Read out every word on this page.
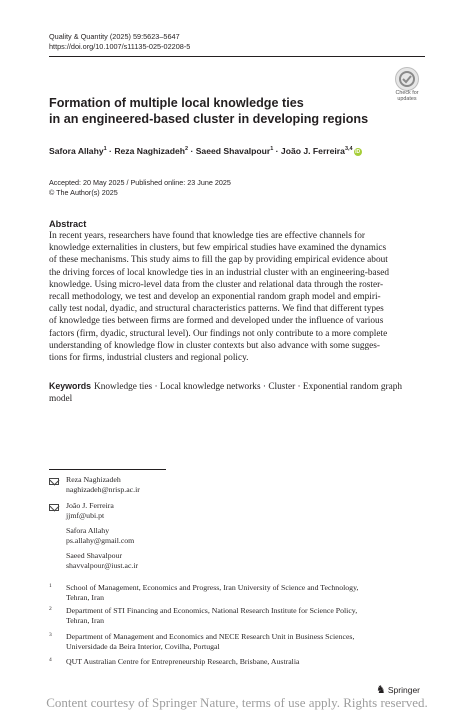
Quality & Quantity (2025) 59:5623–5647
https://doi.org/10.1007/s11135-025-02208-5
Check for
updates
Formation of multiple local knowledge ties
in an engineered-based cluster in developing regions
Safora Allahy$^1$ · Reza Naghizadeh$^2$ · Saeed Shavalpour$^1$ · João J. Ferreira$^{3,4}$ iD
Accepted: 20 May 2025 / Published online: 23 June 2025
© The Author(s) 2025
Abstract
In recent years, researchers have found that knowledge ties are effective channels for
knowledge externalities in clusters, but few empirical studies have examined the dynamics
of these mechanisms. This study aims to fill the gap by providing empirical evidence about
the driving forces of local knowledge ties in an industrial cluster with an engineering-based
knowledge. Using micro-level data from the cluster and relational data through the roster-
recall methodology, we test and develop an exponential random graph model and empiri-
cally test nodal, dyadic, and structural characteristics patterns. We find that different types
of knowledge ties between firms are formed and developed under the influence of various
factors (firm, dyadic, structural level). Our findings not only contribute to a more complete
understanding of knowledge flow in cluster contexts but also advance with some sugges-
tions for firms, industrial clusters and regional policy.
Keywords Knowledge ties · Local knowledge networks · Cluster · Exponential random graph model
Reza Naghizadeh
naghizadeh@nrisp.ac.ir
João J. Ferreira
jjmf@ubi.pt
Safora Allahy
ps.allahy@gmail.com
Saeed Shavalpour
shavvalpour@iust.ac.ir
1 School of Management, Economics and Progress, Iran University of Science and Technology,
Tehran, Iran
2 Department of STI Financing and Economics, National Research Institute for Science Policy,
Tehran, Iran
3 Department of Management and Economics and NECE Research Unit in Business Sciences,
Universidade da Beira Interior, Covilha, Portugal
4 QUT Australian Centre for Entrepreneurship Research, Brisbane, Australia
♞ Springer
Content courtesy of Springer Nature, terms of use apply. Rights reserved.
